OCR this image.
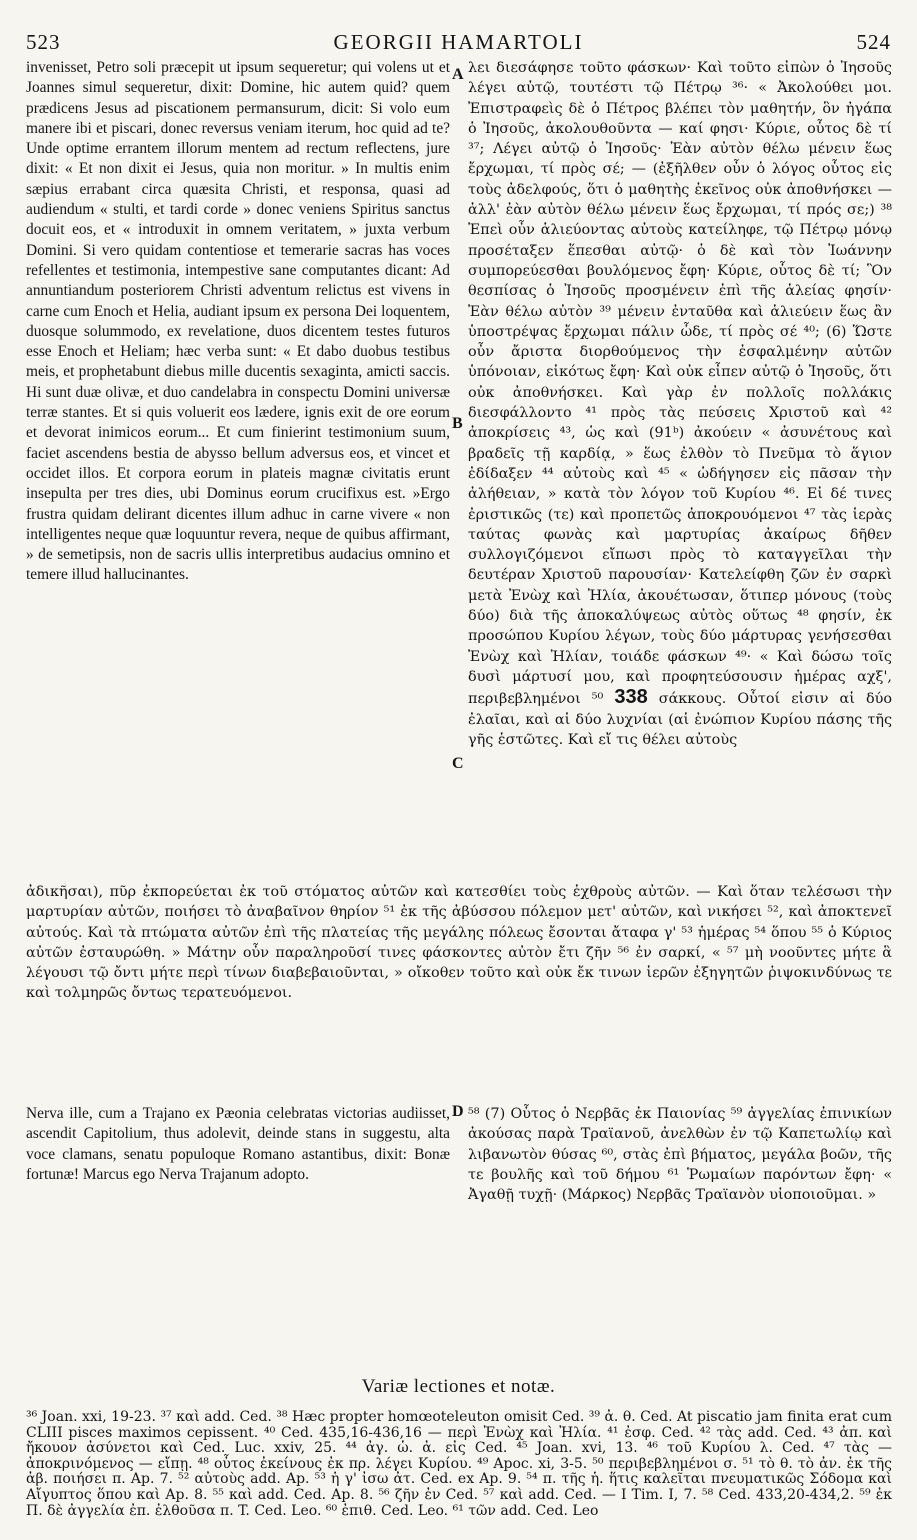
523	GEORGII HAMARTOLI	524

invenisset, Petro soli præcepit ut ipsum sequeretur; qui volens ut et Joannes simul sequeretur, dixit: Domine, hic autem quid? quem prædicens Jesus ad piscationem permansurum, dicit: Si volo eum manere ibi et piscari, donec reversus veniam iterum, hoc quid ad te? Unde optime errantem illorum mentem ad rectum reflectens, jure dixit: « Et non dixit ei Jesus, quia non moritur. » In multis enim sæpius errabant circa quæsita Christi, et responsa, quasi ad audiendum « stulti, et tardi corde » donec veniens Spiritus sanctus docuit eos, et « introduxit in omnem veritatem, » juxta verbum Domini. Si vero quidam contentiose et temerarie sacras has voces refellentes et testimonia, intempestive sane computantes dicant: Ad annuntiandum posteriorem Christi adventum relictus est vivens in carne cum Enoch et Helia, audiant ipsum ex persona Dei loquentem, duosque solummodo, ex revelatione, duos dicentem testes futuros esse Enoch et Heliam; hæc verba sunt: « Et dabo duobus testibus meis, et prophetabunt diebus mille ducentis sexaginta, amicti saccis. Hi sunt duæ olivæ, et duo candelabra in conspectu Domini universæ terræ stantes. Et si quis voluerit eos lædere, ignis exit de ore eorum et devorat inimicos eorum... Et cum finierint testimonium suum, faciet ascendens bestia de abysso bellum adversus eos, et vincet et occidet illos. Et corpora eorum in plateis magnæ civitatis erunt insepulta per tres dies, ubi Dominus eorum crucifixus est. »Ergo frustra quidam delirant dicentes illum adhuc in carne vivere « non intelligentes neque quæ loquuntur revera, neque de quibus affirmant, » de semetipsis, non de sacris ullis interpretibus audacius omnino et temere illud hallucinantes.

λει διεσάφησε τοῦτο φάσκων· Καὶ τοῦτο εἰπὼν ὁ Ἰησοῦς λέγει αὐτῷ, τουτέστι τῷ Πέτρῳ ³⁶· « Ἀκολούθει μοι. Ἐπιστραφεὶς δὲ ὁ Πέτρος βλέπει τὸν μαθητήν, ὃν ἠγάπα ὁ Ἰησοῦς, ἀκολουθοῦντα — καί φησι· Κύριε, οὗτος δὲ τί ³⁷; Λέγει αὐτῷ ὁ Ἰησοῦς· Ἐὰν αὐτὸν θέλω μένειν ἕως ἔρχωμαι, τί πρὸς σέ; — (ἐξῆλθεν οὖν ὁ λόγος οὗτος εἰς τοὺς ἀδελφούς, ὅτι ὁ μαθητὴς ἐκεῖνος οὐκ ἀποθνήσκει — ἀλλ' ἐὰν αὐτὸν θέλω μένειν ἕως ἔρχωμαι, τί πρός σε;) ³⁸ Ἐπεὶ οὖν ἁλιεύοντας αὐτοὺς κατείληφε, τῷ Πέτρῳ μόνῳ προσέταξεν ἕπεσθαι αὐτῷ· ὁ δὲ καὶ τὸν Ἰωάννην συμπορεύεσθαι βουλόμενος ἔφη· Κύριε, οὗτος δὲ τί; Ὃν θεσπίσας ὁ Ἰησοῦς προσμένειν ἐπὶ τῆς ἁλείας φησίν· Ἐὰν θέλω αὐτὸν ³⁹ μένειν ἐνταῦθα καὶ ἁλιεύειν ἕως ἂν ὑποστρέψας ἔρχωμαι πάλιν ὧδε, τί πρὸς σέ ⁴⁰; (6) Ὥστε οὖν ἄριστα διορθούμενος τὴν ἐσφαλμένην αὐτῶν ὑπόνοιαν, εἰκότως ἔφη· Καὶ οὐκ εἶπεν αὐτῷ ὁ Ἰησοῦς, ὅτι οὐκ ἀποθνήσκει. Καὶ γὰρ ἐν πολλοῖς πολλάκις διεσφάλλοντο ⁴¹ πρὸς τὰς πεύσεις Χριστοῦ καὶ ⁴² ἀποκρίσεις ⁴³, ὡς καὶ (91ᵇ) ἀκούειν « ἀσυνέτους καὶ βραδεῖς τῇ καρδίᾳ, » ἕως ἐλθὸν τὸ Πνεῦμα τὸ ἅγιον ἐδίδαξεν ⁴⁴ αὐτοὺς καὶ ⁴⁵ « ὡδήγησεν εἰς πᾶσαν τὴν ἀλήθειαν, » κατὰ τὸν λόγον τοῦ Κυρίου ⁴⁶. Εἰ δέ τινες ἐριστικῶς (τε) καὶ προπετῶς ἀποκρουόμενοι ⁴⁷ τὰς ἱερὰς ταύτας φωνὰς καὶ μαρτυρίας ἀκαίρως δῆθεν συλλογιζόμενοι εἴπωσι πρὸς τὸ καταγγεῖλαι τὴν δευτέραν Χριστοῦ παρουσίαν· Κατελείφθη ζῶν ἐν σαρκὶ μετὰ Ἐνὼχ καὶ Ἠλία, ἀκουέτωσαν, ὅτιπερ μόνους (τοὺς δύο) διὰ τῆς ἀποκαλύψεως αὐτὸς οὕτως ⁴⁸ φησίν, ἐκ προσώπου Κυρίου λέγων, τοὺς δύο μάρτυρας γενήσεσθαι Ἐνὼχ καὶ Ἠλίαν, τοιάδε φάσκων ⁴⁹· « Καὶ δώσω τοῖς δυσὶ μάρτυσί μου, καὶ προφητεύσουσιν ἡμέρας αχξ', περιβεβλημένοι ⁵⁰ 338 σάκκους. Οὗτοί εἰσιν αἱ δύο ἐλαῖαι, καὶ αἱ δύο λυχνίαι (αἱ ἐνώπιον Κυρίου πάσης τῆς γῆς ἑστῶτες. Καὶ εἴ τις θέλει αὐτοὺς

A
B
C
D

ἀδικῆσαι), πῦρ ἐκπορεύεται ἐκ τοῦ στόματος αὐτῶν καὶ κατεσθίει τοὺς ἐχθροὺς αὐτῶν. — Καὶ ὅταν τελέσωσι τὴν μαρτυρίαν αὐτῶν, ποιήσει τὸ ἀναβαῖνον θηρίον ⁵¹ ἐκ τῆς ἀβύσσου πόλεμον μετ' αὐτῶν, καὶ νικήσει ⁵², καὶ ἀποκτενεῖ αὐτούς. Καὶ τὰ πτώματα αὐτῶν ἐπὶ τῆς πλατείας τῆς μεγάλης πόλεως ἔσονται ἄταφα γ' ⁵³ ἡμέρας ⁵⁴ ὅπου ⁵⁵ ὁ Κύριος αὐτῶν ἐσταυρώθη. » Μάτην οὖν παραληροῦσί τινες φάσκοντες αὐτὸν ἔτι ζῆν ⁵⁶ ἐν σαρκί, « ⁵⁷ μὴ νοοῦντες μήτε ἃ λέγουσι τῷ ὄντι μήτε περὶ τίνων διαβεβαιοῦνται, » οἴκοθεν τοῦτο καὶ οὐκ ἔκ τινων ἱερῶν ἐξηγητῶν ῥιψοκινδύνως τε καὶ τολμηρῶς ὄντως τερατευόμενοι.

Nerva ille, cum a Trajano ex Pæonia celebratas victorias audiisset, ascendit Capitolium, thus adolevit, deinde stans in suggestu, alta voce clamans, senatu populoque Romano astantibus, dixit: Bonæ fortunæ! Marcus ego Nerva Trajanum adopto.

⁵⁸ (7) Οὗτος ὁ Νερβᾶς ἐκ Παιονίας ⁵⁹ ἀγγελίας ἐπινικίων ἀκούσας παρὰ Τραϊανοῦ, ἀνελθὼν ἐν τῷ Καπετωλίῳ καὶ λιβανωτὸν θύσας ⁶⁰, στὰς ἐπὶ βήματος, μεγάλα βοῶν, τῆς τε βουλῆς καὶ τοῦ δήμου ⁶¹ Ῥωμαίων παρόντων ἔφη· « Ἀγαθῇ τυχῇ· (Μάρκος) Νερβᾶς Τραϊανὸν υἱοποιοῦμαι. »

Variæ lectiones et notæ.

³⁶ Joan. xxi, 19-23. ³⁷ καὶ add. Ced. ³⁸ Hæc propter homœoteleuton omisit Ced. ³⁹ ἀ. θ. Ced. At piscatio jam finita erat cum CLIII pisces maximos cepissent. ⁴⁰ Ced. 435,16-436,16 — περὶ Ἐνὼχ καὶ Ἠλία. ⁴¹ ἐσφ. Ced. ⁴² τὰς add. Ced. ⁴³ ἀπ. καὶ ἤκουον ἀσύνετοι καὶ Ced. Luc. xxiv, 25. ⁴⁴ ἀγ. ὡ. ἀ. εἰς Ced. ⁴⁵ Joan. xvi, 13. ⁴⁶ τοῦ Κυρίου λ. Ced. ⁴⁷ τὰς — ἀποκρινόμενος — εἴπῃ. ⁴⁸ οὗτος ἐκείνους ἐκ πρ. λέγει Κυρίου. ⁴⁹ Apoc. xi, 3-5. ⁵⁰ περιβεβλημένοι σ. ⁵¹ τὸ θ. τὸ ἀν. ἐκ τῆς ἀβ. ποιήσει π. Ap. 7. ⁵² αὐτοὺς add. Ap. ⁵³ ἡ γ' ἰσω ἀτ. Ced. ex Ap. 9. ⁵⁴ π. τῆς ἡ. ἥτις καλεῖται πνευματικῶς Σόδομα καὶ Αἴγυπτος ὅπου καὶ Ap. 8. ⁵⁵ καὶ add. Ced. Ap. 8. ⁵⁶ ζῆν ἐν Ced. ⁵⁷ καὶ add. Ced. — I Tim. I, 7. ⁵⁸ Ced. 433,20-434,2. ⁵⁹ ἐκ Π. δὲ ἀγγελία ἐπ. ἐλθοῦσα π. T. Ced. Leo. ⁶⁰ ἐπιθ. Ced. Leo. ⁶¹ τῶν add. Ced. Leo
